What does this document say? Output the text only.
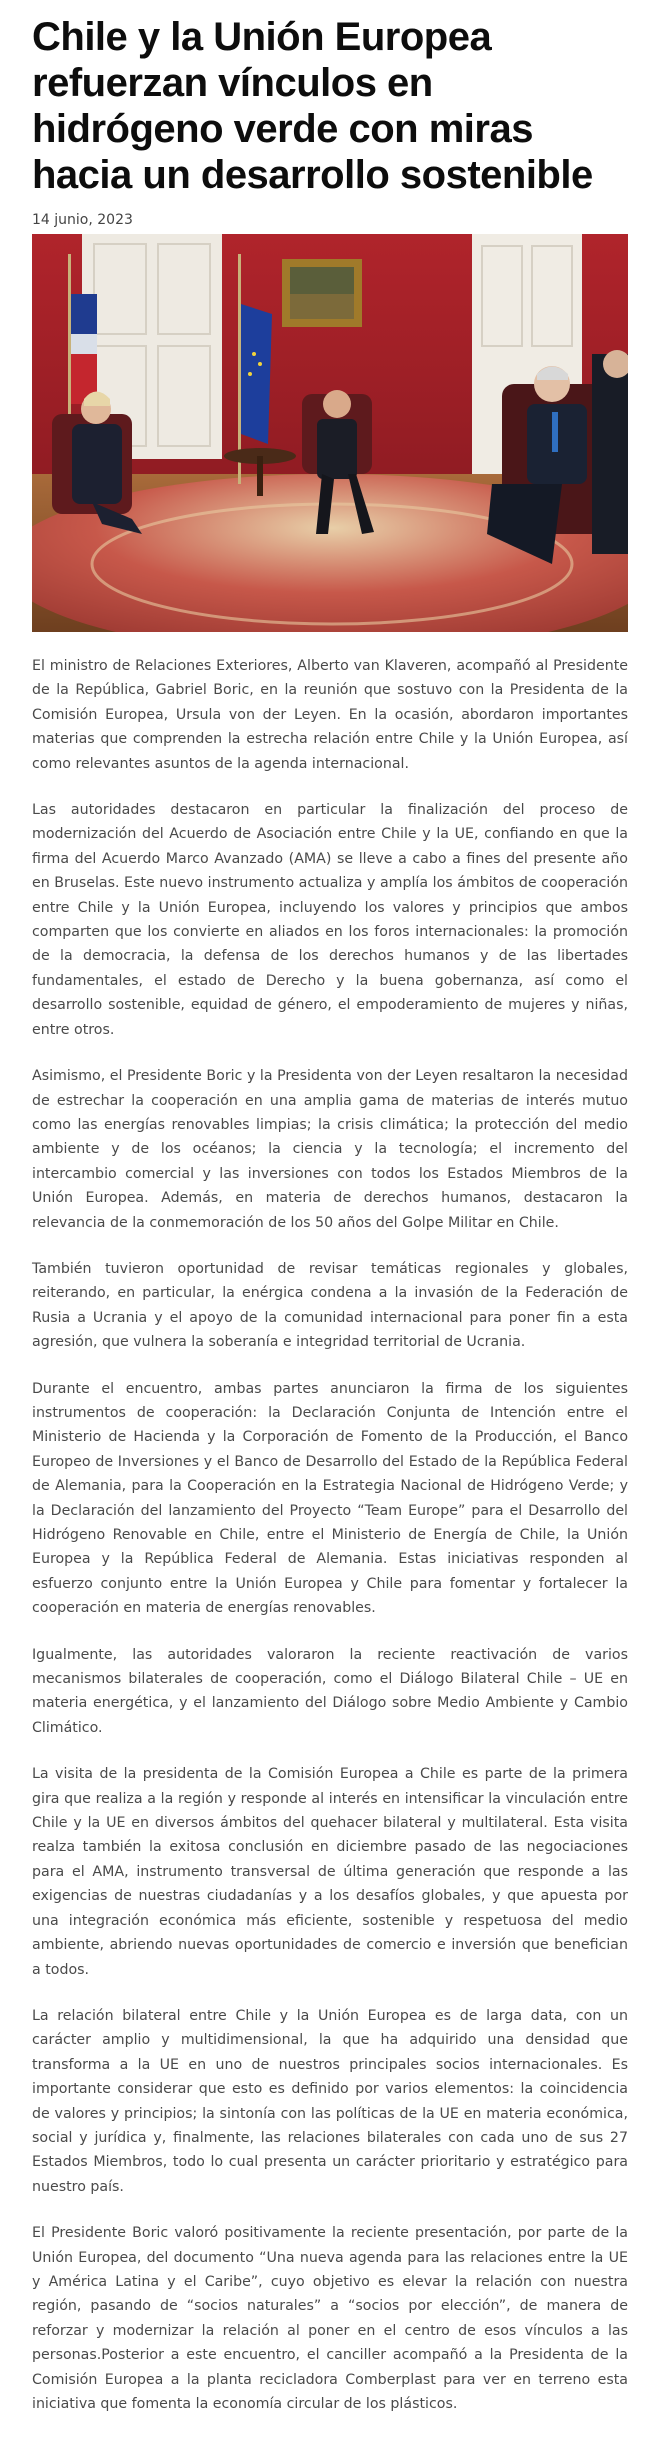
Chile y la Unión Europea refuerzan vínculos en hidrógeno verde con miras hacia un desarrollo sostenible
14 junio, 2023

El ministro de Relaciones Exteriores, Alberto van Klaveren, acompañó al Presidente de la República, Gabriel Boric, en la reunión que sostuvo con la Presidenta de la Comisión Europea, Ursula von der Leyen. En la ocasión, abordaron importantes materias que comprenden la estrecha relación entre Chile y la Unión Europea, así como relevantes asuntos de la agenda internacional.

Las autoridades destacaron en particular la finalización del proceso de modernización del Acuerdo de Asociación entre Chile y la UE, confiando en que la firma del Acuerdo Marco Avanzado (AMA) se lleve a cabo a fines del presente año en Bruselas. Este nuevo instrumento actualiza y amplía los ámbitos de cooperación entre Chile y la Unión Europea, incluyendo los valores y principios que ambos comparten que los convierte en aliados en los foros internacionales: la promoción de la democracia, la defensa de los derechos humanos y de las libertades fundamentales, el estado de Derecho y la buena gobernanza, así como el desarrollo sostenible, equidad de género, el empoderamiento de mujeres y niñas, entre otros.

Asimismo, el Presidente Boric y la Presidenta von der Leyen resaltaron la necesidad de estrechar la cooperación en una amplia gama de materias de interés mutuo como las energías renovables limpias; la crisis climática; la protección del medio ambiente y de los océanos; la ciencia y la tecnología; el incremento del intercambio comercial y las inversiones con todos los Estados Miembros de la Unión Europea. Además, en materia de derechos humanos, destacaron la relevancia de la conmemoración de los 50 años del Golpe Militar en Chile.

También tuvieron oportunidad de revisar temáticas regionales y globales, reiterando, en particular, la enérgica condena a la invasión de la Federación de Rusia a Ucrania y el apoyo de la comunidad internacional para poner fin a esta agresión, que vulnera la soberanía e integridad territorial de Ucrania.

Durante el encuentro, ambas partes anunciaron la firma de los siguientes instrumentos de cooperación: la Declaración Conjunta de Intención entre el Ministerio de Hacienda y la Corporación de Fomento de la Producción, el Banco Europeo de Inversiones y el Banco de Desarrollo del Estado de la República Federal de Alemania, para la Cooperación en la Estrategia Nacional de Hidrógeno Verde; y la Declaración del lanzamiento del Proyecto “Team Europe” para el Desarrollo del Hidrógeno Renovable en Chile, entre el Ministerio de Energía de Chile, la Unión Europea y la República Federal de Alemania. Estas iniciativas responden al esfuerzo conjunto entre la Unión Europea y Chile para fomentar y fortalecer la cooperación en materia de energías renovables.

Igualmente, las autoridades valoraron la reciente reactivación de varios mecanismos bilaterales de cooperación, como el Diálogo Bilateral Chile – UE en materia energética, y el lanzamiento del Diálogo sobre Medio Ambiente y Cambio Climático.

La visita de la presidenta de la Comisión Europea a Chile es parte de la primera gira que realiza a la región y responde al interés en intensificar la vinculación entre Chile y la UE en diversos ámbitos del quehacer bilateral y multilateral. Esta visita realza también la exitosa conclusión en diciembre pasado de las negociaciones para el AMA, instrumento transversal de última generación que responde a las exigencias de nuestras ciudadanías y a los desafíos globales, y que apuesta por una integración económica más eficiente, sostenible y respetuosa del medio ambiente, abriendo nuevas oportunidades de comercio e inversión que benefician a todos.

La relación bilateral entre Chile y la Unión Europea es de larga data, con un carácter amplio y multidimensional, la que ha adquirido una densidad que transforma a la UE en uno de nuestros principales socios internacionales. Es importante considerar que esto es definido por varios elementos: la coincidencia de valores y principios; la sintonía con las políticas de la UE en materia económica, social y jurídica y, finalmente, las relaciones bilaterales con cada uno de sus 27 Estados Miembros, todo lo cual presenta un carácter prioritario y estratégico para nuestro país.

El Presidente Boric valoró positivamente la reciente presentación, por parte de la Unión Europea, del documento “Una nueva agenda para las relaciones entre la UE y América Latina y el Caribe”, cuyo objetivo es elevar la relación con nuestra región, pasando de “socios naturales” a “socios por elección”, de manera de reforzar y modernizar la relación al poner en el centro de esos vínculos a las personas.Posterior a este encuentro, el canciller acompañó a la Presidenta de la Comisión Europea a la planta recicladora Comberplast para ver en terreno esta iniciativa que fomenta la economía circular de los plásticos.
